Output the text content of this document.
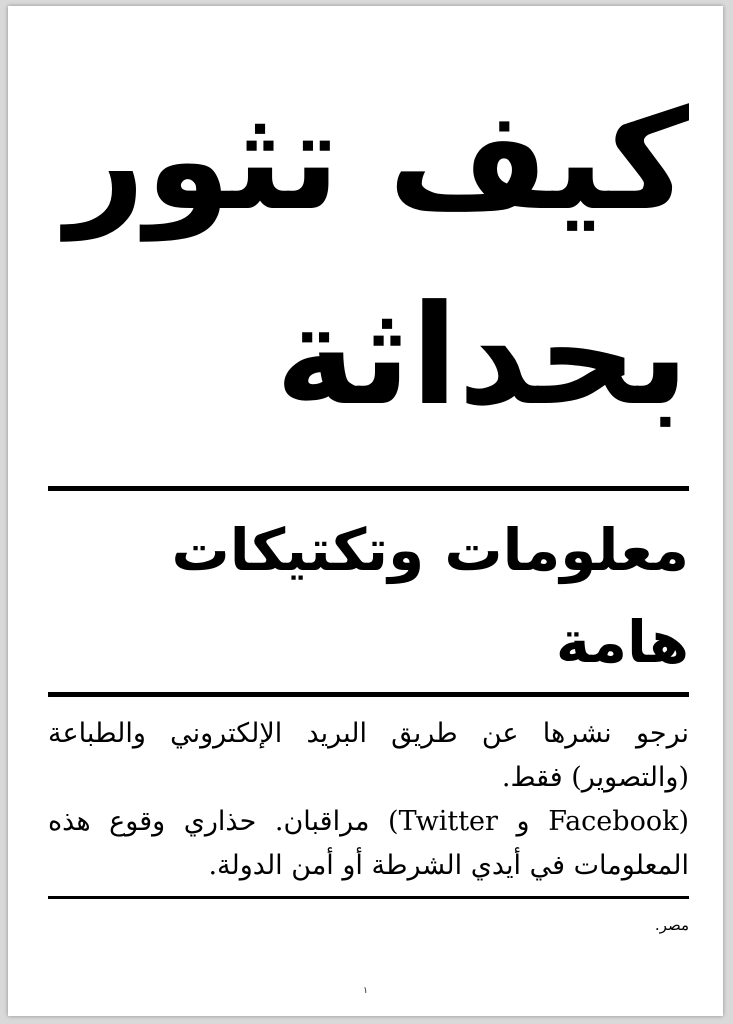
كيف تثور
بحداثة
معلومات وتكتيكات هامة

نرجو نشرها عن طريق البريد الإلكتروني والطباعة (والتصوير) فقط.

(Facebook و Twitter) مراقبان. حذاري وقوع هذه المعلومات في أيدي الشرطة أو أمن الدولة.

مصر.
١
